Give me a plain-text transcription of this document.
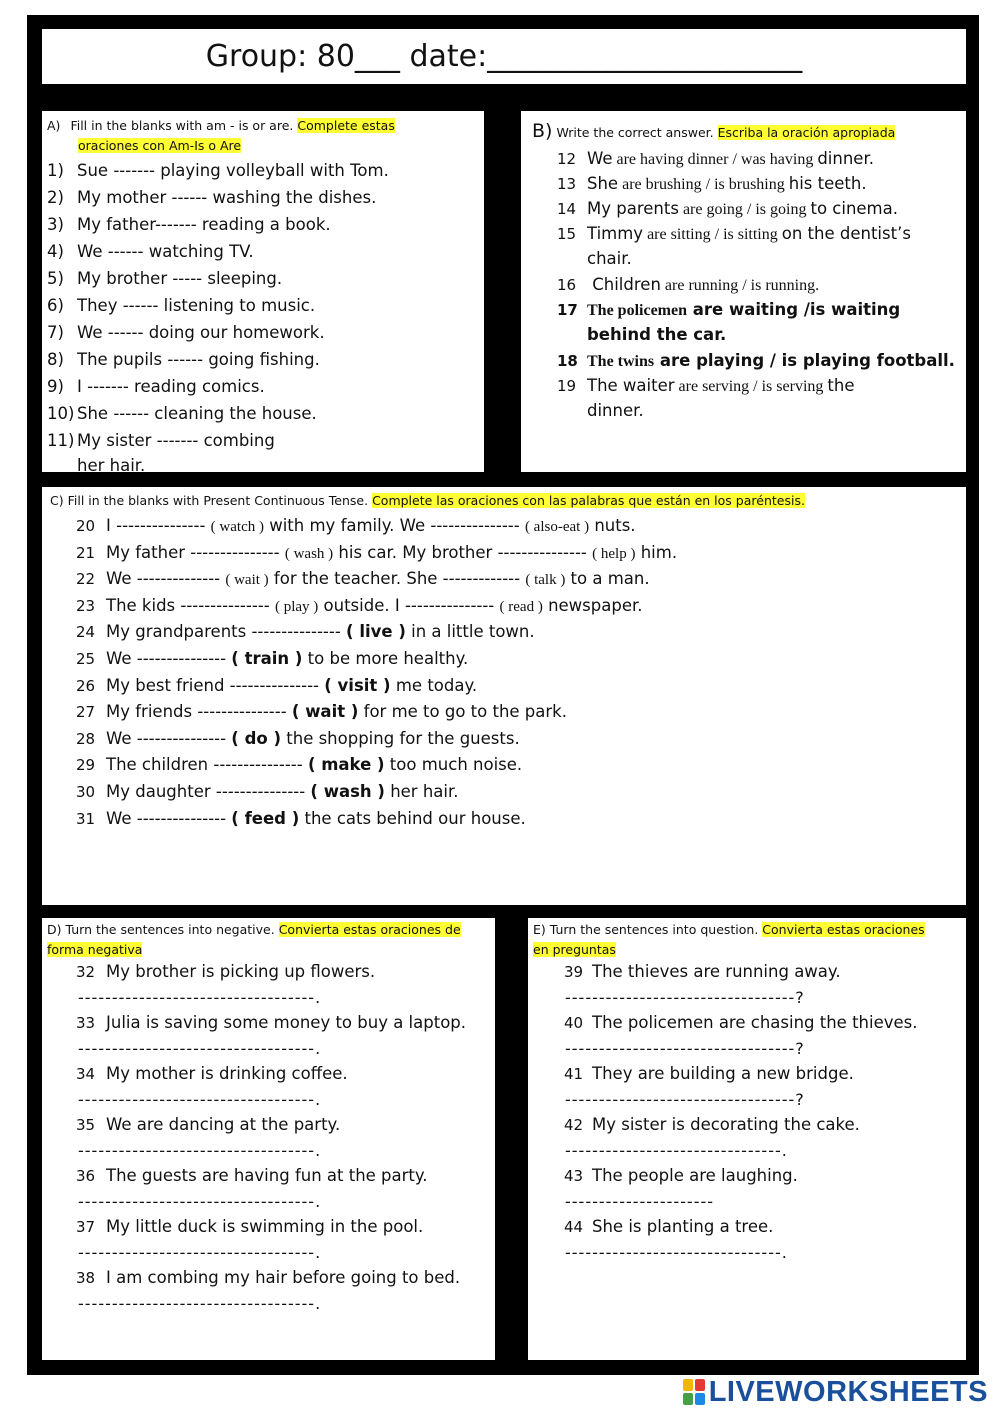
Group: 80___ date:_____________________
A) Fill in the blanks with am - is or are. Complete estas
oraciones con Am-Is o Are
1) Sue ------- playing volleyball with Tom.
2) My mother ------ washing the dishes.
3) My father------- reading a book.
4) We ------ watching TV.
5) My brother ----- sleeping.
6) They ------ listening to music.
7) We ------ doing our homework.
8) The pupils ------ going fishing.
9) I ------- reading comics.
10) She ------ cleaning the house.
11) My sister ------- combing
her hair.
B) Write the correct answer. Escriba la oración apropiada
12 We are having dinner / was having dinner.
13 She are brushing / is brushing his teeth.
14 My parents are going / is going to cinema.
15 Timmy are sitting / is sitting on the dentist’s
16 Children are running / is running.
17 The policemen are waiting /is waiting
18 The twins are playing / is playing football.
19 The waiter are serving / is serving the
chair.
behind the car.
dinner.
C) Fill in the blanks with Present Continuous Tense. Complete las oraciones con las palabras que están en los paréntesis.
20 I --------------- ( watch ) with my family. We --------------- ( also-eat ) nuts.
21 My father --------------- ( wash ) his car. My brother --------------- ( help ) him.
22 We -------------- ( wait ) for the teacher. She ------------- ( talk ) to a man.
23 The kids --------------- ( play ) outside. I --------------- ( read ) newspaper.
24 My grandparents --------------- ( live ) in a little town.
25 We --------------- ( train ) to be more healthy.
26 My best friend --------------- ( visit ) me today.
27 My friends --------------- ( wait ) for me to go to the park.
28 We --------------- ( do ) the shopping for the guests.
29 The children --------------- ( make ) too much noise.
30 My daughter --------------- ( wash ) her hair.
31 We --------------- ( feed ) the cats behind our house.
D) Turn the sentences into negative. Convierta estas oraciones de
forma negativa
32 My brother is picking up flowers.
-----------------------------------.
33 Julia is saving some money to buy a laptop.
-----------------------------------.
34 My mother is drinking coffee.
-----------------------------------.
35 We are dancing at the party.
-----------------------------------.
36 The guests are having fun at the party.
-----------------------------------.
37 My little duck is swimming in the pool.
-----------------------------------.
38 I am combing my hair before going to bed.
-----------------------------------.
E) Turn the sentences into question. Convierta estas oraciones
en preguntas
39 The thieves are running away.
----------------------------------?
40 The policemen are chasing the thieves.
----------------------------------?
41 They are building a new bridge.
----------------------------------?
42 My sister is decorating the cake.
--------------------------------.
43 The people are laughing.
----------------------
44 She is planting a tree.
--------------------------------.
LIVEWORKSHEETS
